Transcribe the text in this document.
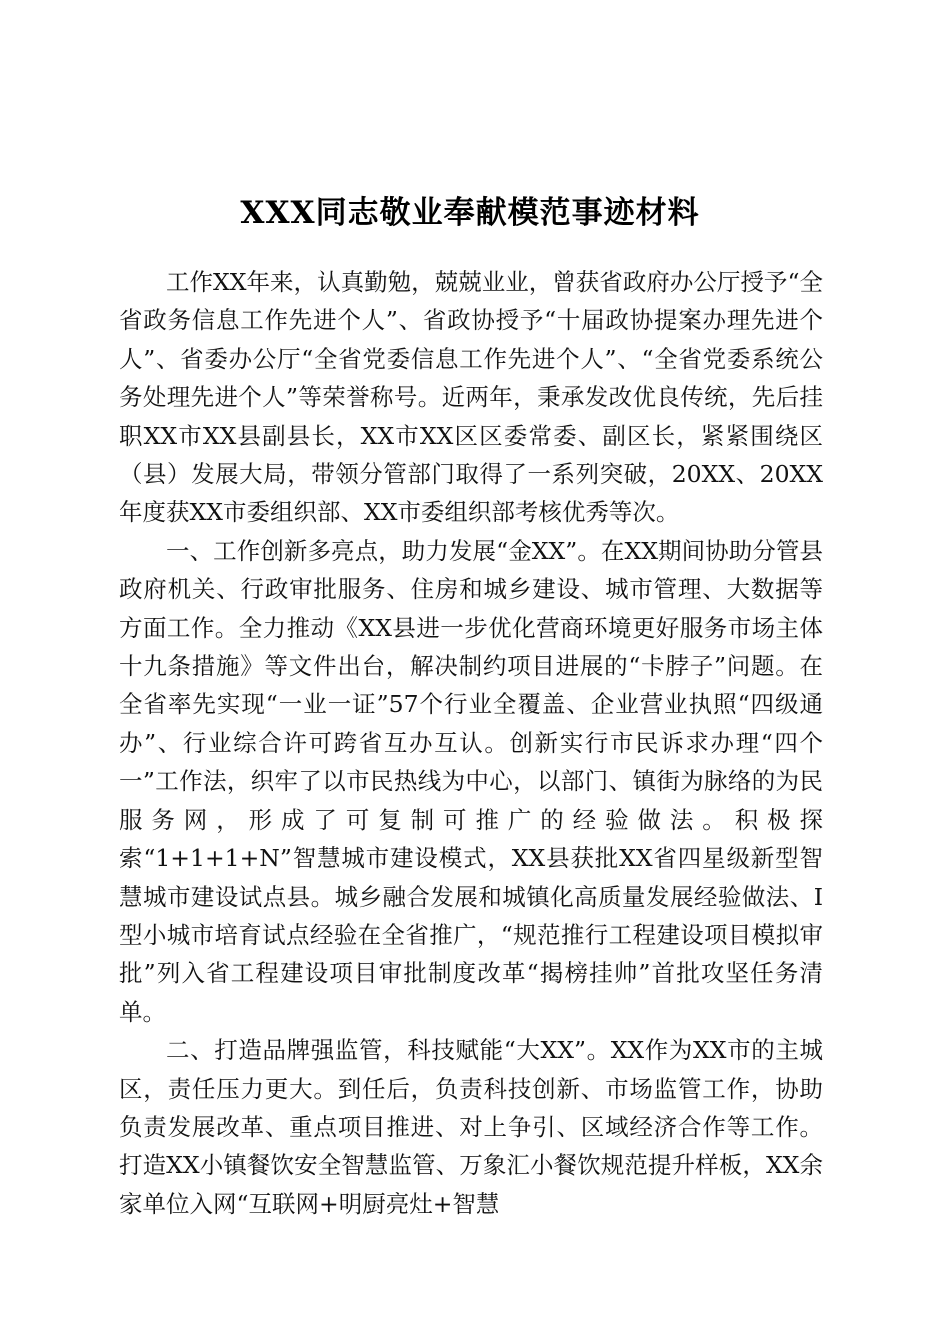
XXX同志敬业奉献模范事迹材料

工作XX年来，认真勤勉，兢兢业业，曾获省政府办公厅授予“全省政务信息工作先进个人”、省政协授予“十届政协提案办理先进个人”、省委办公厅“全省党委信息工作先进个人”、“全省党委系统公务处理先进个人”等荣誉称号。近两年，秉承发改优良传统，先后挂职XX市XX县副县长，XX市XX区区委常委、副区长，紧紧围绕区（县）发展大局，带领分管部门取得了一系列突破，20XX、20XX年度获XX市委组织部、XX市委组织部考核优秀等次。

一、工作创新多亮点，助力发展“金XX”。在XX期间协助分管县政府机关、行政审批服务、住房和城乡建设、城市管理、大数据等方面工作。全力推动《XX县进一步优化营商环境更好服务市场主体十九条措施》等文件出台，解决制约项目进展的“卡脖子”问题。在全省率先实现“一业一证”57个行业全覆盖、企业营业执照“四级通办”、行业综合许可跨省互办互认。创新实行市民诉求办理“四个一”工作法，织牢了以市民热线为中心，以部门、镇街为脉络的为民服务网，形成了可复制可推广的经验做法。积极探索“1+1+1+N”智慧城市建设模式，XX县获批XX省四星级新型智慧城市建设试点县。城乡融合发展和城镇化高质量发展经验做法、Ⅰ型小城市培育试点经验在全省推广，“规范推行工程建设项目模拟审批”列入省工程建设项目审批制度改革“揭榜挂帅”首批攻坚任务清单。

二、打造品牌强监管，科技赋能“大XX”。XX作为XX市的主城区，责任压力更大。到任后，负责科技创新、市场监管工作，协助负责发展改革、重点项目推进、对上争引、区域经济合作等工作。打造XX小镇餐饮安全智慧监管、万象汇小餐饮规范提升样板，XX余家单位入网“互联网+明厨亮灶+智慧
